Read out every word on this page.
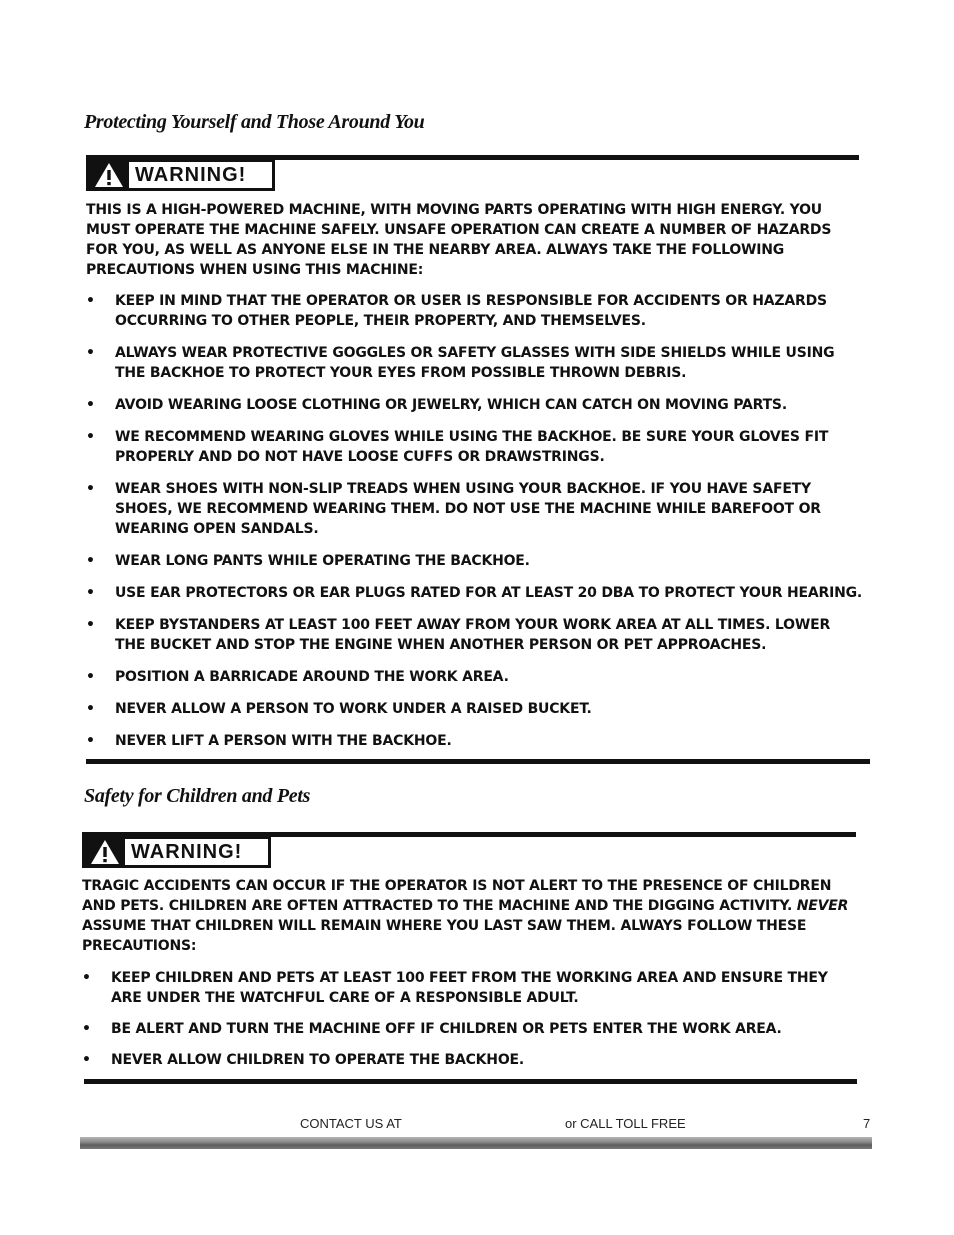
Protecting Yourself and Those Around You
WARNING!

THIS IS A HIGH-POWERED MACHINE, WITH MOVING PARTS OPERATING WITH HIGH ENERGY. YOU MUST OPERATE THE MACHINE SAFELY. UNSAFE OPERATION CAN CREATE A NUMBER OF HAZARDS FOR YOU, AS WELL AS ANYONE ELSE IN THE NEARBY AREA. ALWAYS TAKE THE FOLLOWING PRECAUTIONS WHEN USING THIS MACHINE:

• KEEP IN MIND THAT THE OPERATOR OR USER IS RESPONSIBLE FOR ACCIDENTS OR HAZARDS OCCURRING TO OTHER PEOPLE, THEIR PROPERTY, AND THEMSELVES.
• ALWAYS WEAR PROTECTIVE GOGGLES OR SAFETY GLASSES WITH SIDE SHIELDS WHILE USING THE BACKHOE TO PROTECT YOUR EYES FROM POSSIBLE THROWN DEBRIS.
• AVOID WEARING LOOSE CLOTHING OR JEWELRY, WHICH CAN CATCH ON MOVING PARTS.
• WE RECOMMEND WEARING GLOVES WHILE USING THE BACKHOE. BE SURE YOUR GLOVES FIT PROPERLY AND DO NOT HAVE LOOSE CUFFS OR DRAWSTRINGS.
• WEAR SHOES WITH NON-SLIP TREADS WHEN USING YOUR BACKHOE. IF YOU HAVE SAFETY SHOES, WE RECOMMEND WEARING THEM. DO NOT USE THE MACHINE WHILE BAREFOOT OR WEARING OPEN SANDALS.
• WEAR LONG PANTS WHILE OPERATING THE BACKHOE.
• USE EAR PROTECTORS OR EAR PLUGS RATED FOR AT LEAST 20 DBA TO PROTECT YOUR HEARING.
• KEEP BYSTANDERS AT LEAST 100 FEET AWAY FROM YOUR WORK AREA AT ALL TIMES. LOWER THE BUCKET AND STOP THE ENGINE WHEN ANOTHER PERSON OR PET APPROACHES.
• POSITION A BARRICADE AROUND THE WORK AREA.
• NEVER ALLOW A PERSON TO WORK UNDER A RAISED BUCKET.
• NEVER LIFT A PERSON WITH THE BACKHOE.
Safety for Children and Pets
WARNING!

TRAGIC ACCIDENTS CAN OCCUR IF THE OPERATOR IS NOT ALERT TO THE PRESENCE OF CHILDREN AND PETS. CHILDREN ARE OFTEN ATTRACTED TO THE MACHINE AND THE DIGGING ACTIVITY. NEVER ASSUME THAT CHILDREN WILL REMAIN WHERE YOU LAST SAW THEM. ALWAYS FOLLOW THESE PRECAUTIONS:

• KEEP CHILDREN AND PETS AT LEAST 100 FEET FROM THE WORKING AREA AND ENSURE THEY ARE UNDER THE WATCHFUL CARE OF A RESPONSIBLE ADULT.
• BE ALERT AND TURN THE MACHINE OFF IF CHILDREN OR PETS ENTER THE WORK AREA.
• NEVER ALLOW CHILDREN TO OPERATE THE BACKHOE.
CONTACT US AT	or CALL TOLL FREE	7
